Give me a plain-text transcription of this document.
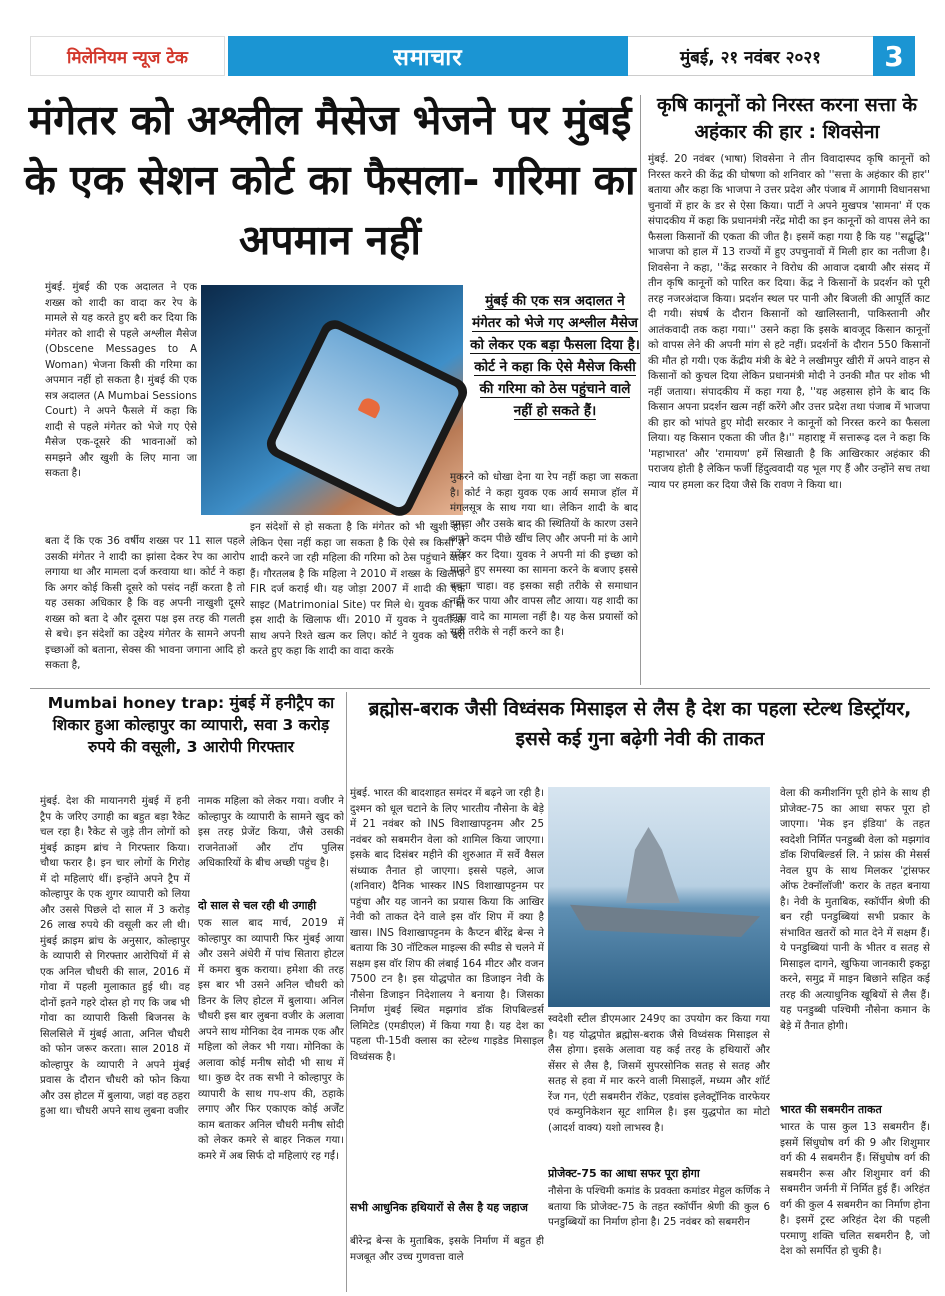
मिलेनियम न्यूज टेक	समाचार	मुंबई, २१ नवंबर २०२१	3
मंगेतर को अश्लील मैसेज भेजने पर मुंबई के एक सेशन कोर्ट का फैसला- गरिमा का अपमान नहीं
कृषि कानूनों को निरस्त करना सत्ता के अहंकार की हार : शिवसेना
मुंबई. 20 नवंबर (भाषा) शिवसेना ने तीन विवादास्पद कृषि कानूनों को निरस्त करने की केंद्र की घोषणा को शनिवार को ''सत्ता के अहंकार की हार'' बताया और कहा कि भाजपा ने उत्तर प्रदेश और पंजाब में आगामी विधानसभा चुनावों में हार के डर से ऐसा किया। पार्टी ने अपने मुखपत्र 'सामना' में एक संपादकीय में कहा कि प्रधानमंत्री नरेंद्र मोदी का इन कानूनों को वापस लेने का फैसला किसानों की एकता की जीत है। इसमें कहा गया है कि यह ''सद्बुद्धि'' भाजपा को हाल में 13 राज्यों में हुए उपचुनावों में मिली हार का नतीजा है। शिवसेना ने कहा, ''केंद्र सरकार ने विरोध की आवाज दबायी और संसद में तीन कृषि कानूनों को पारित कर दिया। केंद्र ने किसानों के प्रदर्शन को पूरी तरह नजरअंदाज किया। प्रदर्शन स्थल पर पानी और बिजली की आपूर्ति काट दी गयी। संघर्ष के दौरान किसानों को खालिस्तानी, पाकिस्तानी और आतंकवादी तक कहा गया।'' उसने कहा कि इसके बावजूद किसान कानूनों को वापस लेने की अपनी मांग से हटे नहीं। प्रदर्शनों के दौरान 550 किसानों की मौत हो गयी। एक केंद्रीय मंत्री के बेटे ने लखीमपुर खीरी में अपने वाहन से किसानों को कुचल दिया लेकिन प्रधानमंत्री मोदी ने उनकी मौत पर शोक भी नहीं जताया। संपादकीय में कहा गया है, ''यह अहसास होने के बाद कि किसान अपना प्रदर्शन खत्म नहीं करेंगे और उत्तर प्रदेश तथा पंजाब में भाजपा की हार को भांपते हुए मोदी सरकार ने कानूनों को निरस्त करने का फैसला लिया। यह किसान एकता की जीत है।'' महाराष्ट्र में सत्तारूढ़ दल ने कहा कि 'महाभारत' और 'रामायण' हमें सिखाती है कि आखिरकार अहंकार की पराजय होती है लेकिन फर्जी हिंदुत्ववादी यह भूल गए हैं और उन्होंने सच तथा न्याय पर हमला कर दिया जैसे कि रावण ने किया था।
मुंबई. मुंबई की एक अदालत ने एक शख्स को शादी का वादा कर रेप के मामले से यह करते हुए बरी कर दिया कि मंगेतर को शादी से पहले अश्लील मैसेज (Obscene Messages to A Woman) भेजना किसी की गरिमा का अपमान नहीं हो सकता है। मुंबई की एक सत्र अदालत (A Mumbai Sessions Court) ने अपने फैसले में कहा कि शादी से पहले मंगेतर को भेजे गए ऐसे मैसेज एक-दूसरे की भावनाओं को समझने और खुशी के लिए माना जा सकता है।
बता दें कि एक 36 वर्षीय शख्स पर 11 साल पहले उसकी मंगेतर ने शादी का झांसा देकर रेप का आरोप लगाया था और मामला दर्ज करवाया था। कोर्ट ने कहा कि अगर कोई किसी दूसरे को पसंद नहीं करता है तो यह उसका अधिकार है कि वह अपनी नाखुशी दूसरे शख्स को बता दे और दूसरा पक्ष इस तरह की गलती से बचे। इन संदेशों का उद्देश्य मंगेतर के सामने अपनी इच्छाओं को बताना, सेक्स की भावना जगाना आदि हो सकता है,
मुंबई की एक सत्र अदालत ने मंगेतर को भेजे गए अश्लील मैसेज को लेकर एक बड़ा फैसला दिया है। कोर्ट ने कहा कि ऐसे मैसेज किसी की गरिमा को ठेस पहुंचाने वाले नहीं हो सकते हैं।
इन संदेशों से हो सकता है कि मंगेतर को भी खुशी हो। लेकिन ऐसा नहीं कहा जा सकता है कि ऐसे स्त्र किसी से शादी करने जा रही महिला की गरिमा को ठेस पहुंचाने वाले हैं। गौरतलब है कि महिला ने 2010 में शख्स के खिलाफ FIR दर्ज कराई थी। यह जोड़ा 2007 में शादी की एक साइट (Matrimonial Site) पर मिले थे। युवक की माँ इस शादी के खिलाफ थीं। 2010 में युवक ने युवती के साथ अपने रिश्ते खत्म कर लिए। कोर्ट ने युवक को बरी करते हुए कहा कि शादी का वादा करके
मुकरने को धोखा देना या रेप नहीं कहा जा सकता है। कोर्ट ने कहा युवक एक आर्य समाज हॉल में मंगलसूत्र के साथ गया था। लेकिन शादी के बाद झगड़ा और उसके बाद की स्थितियों के कारण उसने अपने कदम पीछे खींच लिए और अपनी मां के आगे सरेंडर कर दिया। युवक ने अपनी मां की इच्छा को मानते हुए समस्या का सामना करने के बजाए इससे बचना चाहा। वह इसका सही तरीके से समाधान नहीं कर पाया और वापस लौट आया। यह शादी का झूठा वादे का मामला नहीं है। यह केस प्रयासों को सही तरीके से नहीं करने का है।
Mumbai honey trap: मुंबई में हनीट्रैप का शिकार हुआ कोल्हापुर का व्यापारी, सवा 3 करोड़ रुपये की वसूली, 3 आरोपी गिरफ्तार
मुंबई. देश की मायानगरी मुंबई में हनी ट्रैप के जरिए उगाही का बहुत बड़ा रैकेट चल रहा है। रैकेट से जुड़े तीन लोगों को मुंबई क्राइम ब्रांच ने गिरफ्तार किया। चौथा फरार है। इन चार लोगों के गिरोह में दो महिलाएं थीं। इन्होंने अपने ट्रैप में कोल्हापुर के एक शुगर व्यापारी को लिया और उससे पिछले दो साल में 3 करोड़ 26 लाख रुपये की वसूली कर ली थी। मुंबई क्राइम ब्रांच के अनुसार, कोल्हापुर के व्यापारी से गिरफ्तार आरोपियों में से एक अनिल चौधरी की साल, 2016 में गोवा में पहली मुलाकात हुई थी। वह दोनों इतने गहरे दोस्त हो गए कि जब भी गोवा का व्यापारी किसी बिजनस के सिलसिले में मुंबई आता, अनिल चौधरी को फोन जरूर करता। साल 2018 में कोल्हापुर के व्यापारी ने अपने मुंबई प्रवास के दौरान चौधरी को फोन किया और उस होटल में बुलाया, जहां वह ठहरा हुआ था। चौधरी अपने साथ लुबना वजीर
नामक महिला को लेकर गया। वजीर ने कोल्हापुर के व्यापारी के सामने खुद को इस तरह प्रेजेंट किया, जैसे उसकी राजनेताओं और टॉप पुलिस अधिकारियों के बीच अच्छी पहुंच है।
दो साल से चल रही थी उगाही
एक साल बाद मार्च, 2019 में कोल्हापुर का व्यापारी फिर मुंबई आया और उसने अंधेरी में पांच सितारा होटल में कमरा बुक कराया। हमेशा की तरह इस बार भी उसने अनिल चौधरी को डिनर के लिए होटल में बुलाया। अनिल चौधरी इस बार लुबना वजीर के अलावा अपने साथ मोनिका देव नामक एक और महिला को लेकर भी गया। मोनिका के अलावा कोई मनीष सोदी भी साथ में था। कुछ देर तक सभी ने कोल्हापुर के व्यापारी के साथ गप-शप की, ठहाके लगाए और फिर एकाएक कोई अर्जेंट काम बताकर अनिल चौधरी मनीष सोदी को लेकर कमरे से बाहर निकल गया। कमरे में अब सिर्फ दो महिलाएं रह गईं।
ब्रह्मोस-बराक जैसी विध्वंसक मिसाइल से लैस है देश का पहला स्टेल्थ डिस्ट्रॉयर, इससे कई गुना बढ़ेगी नेवी की ताकत
मुंबई. भारत की बादशाहत समंदर में बढ़ने जा रही है। दुश्मन को धूल चटाने के लिए भारतीय नौसेना के बेड़े में 21 नवंबर को INS विशाखापट्टनम और 25 नवंबर को सबमरीन वेला को शामिल किया जाएगा। इसके बाद दिसंबर महीने की शुरुआत में सर्वे वैसल संध्याक तैनात हो जाएगा। इससे पहले, आज (शनिवार) दैनिक भास्कर INS विशाखापट्टनम पर पहुंचा और यह जानने का प्रयास किया कि आखिर नेवी को ताकत देने वाले इस वॉर शिप में क्या है खास। INS विशाखापट्टनम के कैप्टन बीरेंद्र बेन्स ने बताया कि 30 नॉटिकल माइल्स की स्पीड से चलने में सक्षम इस वॉर शिप की लंबाई 164 मीटर और वजन 7500 टन है। इस योद्धपोत का डिजाइन नेवी के नौसेना डिजाइन निदेशालय ने बनाया है। जिसका निर्माण मुंबई स्थित मझगांव डॉक शिपबिल्डर्स लिमिटेड (एमडीएल) में किया गया है। यह देश का पहला पी-15वी क्लास का स्टेल्थ गाइडेड मिसाइल विध्वंसक है।
सभी आधुनिक हथियारों से लैस है यह जहाज
बीरेन्द्र बेन्स के मुताबिक, इसके निर्माण में बहुत ही मजबूत और उच्च गुणवत्ता वाले
स्वदेशी स्टील डीएमआर 249ए का उपयोग कर किया गया है। यह योद्धपोत ब्रह्मोस-बराक जैसे विध्वंसक मिसाइल से लैस होगा। इसके अलावा यह कई तरह के हथियारों और सेंसर से लैस है, जिसमें सुपरसोनिक सतह से सतह और सतह से हवा में मार करने वाली मिसाइलें, मध्यम और शॉर्ट रेंज गन, एंटी सबमरीन रॉकेट, एडवांस इलेक्ट्रॉनिक वारफेयर एवं कम्युनिकेशन सूट शामिल है। इस युद्धपोत का मोटो (आदर्श वाक्य) यशो लाभस्व है।
प्रोजेक्ट-75 का आधा सफर पूरा होगा
नौसेना के पश्चिमी कमांड के प्रवक्ता कमांडर मेहुल कर्णिक ने बताया कि प्रोजेक्ट-75 के तहत स्कॉर्पीन श्रेणी की कुल 6 पनडुब्बियों का निर्माण होना है। 25 नवंबर को सबमरीन
वेला की कमीशनिंग पूरी होने के साथ ही प्रोजेक्ट-75 का आधा सफर पूरा हो जाएगा। 'मेक इन इंडिया' के तहत स्वदेशी निर्मित पनडुब्बी वेला को मझगांव डॉक शिपबिल्डर्स लि. ने फ्रांस की मेसर्स नेवल ग्रुप के साथ मिलकर 'ट्रांसफर ऑफ टेक्नॉलॉजी' करार के तहत बनाया है। नेवी के मुताबिक, स्कॉर्पीन श्रेणी की बन रही पनडुब्बियां सभी प्रकार के संभावित खतरों को मात देने में सक्षम हैं। ये पनडुब्बियां पानी के भीतर व सतह से मिसाइल दागने, खुफिया जानकारी इकट्ठा करने, समुद्र में माइन बिछाने सहित कई तरह की अत्याधुनिक खूबियों से लैस हैं। यह पनडुब्बी पश्चिमी नौसेना कमान के बेड़े में तैनात होगी।
भारत की सबमरीन ताकत
भारत के पास कुल 13 सबमरीन हैं। इसमें सिंधुघोष वर्ग की 9 और शिशुमार वर्ग की 4 सबमरीन हैं। सिंधुघोष वर्ग की सबमरीन रूस और शिशुमार वर्ग की सबमरीन जर्मनी में निर्मित हुई हैं। अरिहंत वर्ग की कुल 4 सबमरीन का निर्माण होना है। इसमें ट्रस्ट अरिहंत देश की पहली परमाणु शक्ति चलित सबमरीन है, जो देश को समर्पित हो चुकी है।
